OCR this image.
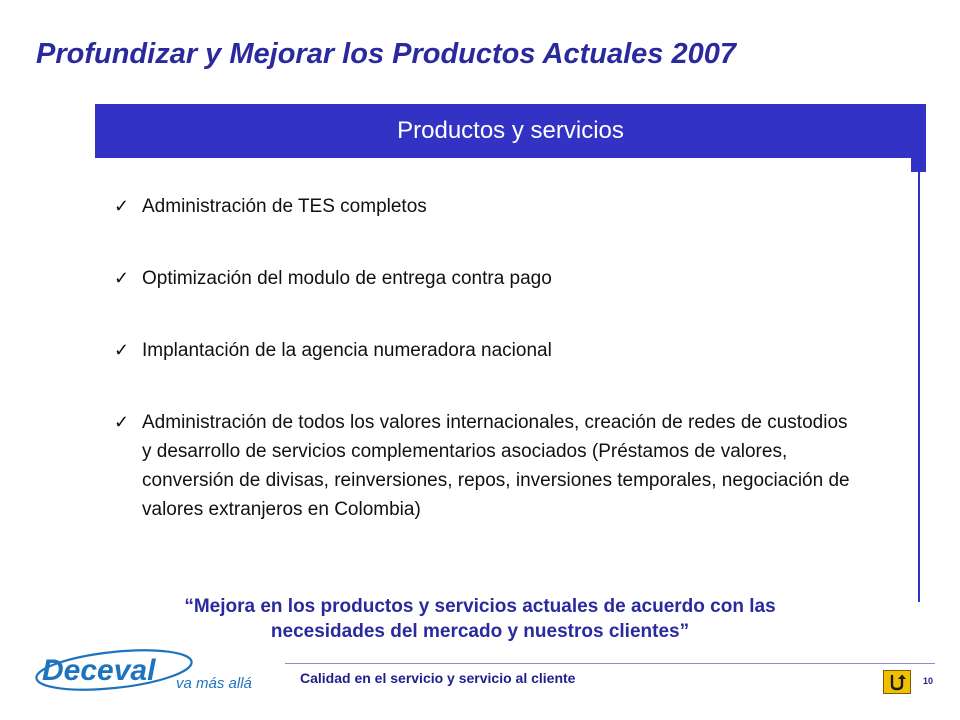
Profundizar y Mejorar los Productos Actuales 2007
Productos y servicios
✓ Administración de TES completos
✓ Optimización del modulo de entrega contra pago
✓ Implantación de la agencia numeradora nacional
✓ Administración de todos los valores internacionales, creación de redes de custodios y desarrollo de servicios complementarios asociados (Préstamos de valores, conversión de divisas, reinversiones, repos, inversiones temporales, negociación de valores extranjeros en Colombia)
“Mejora en los productos y servicios actuales de acuerdo con las
necesidades del mercado y nuestros clientes”
Deceval va más allá	Calidad en el servicio y servicio al cliente	10
